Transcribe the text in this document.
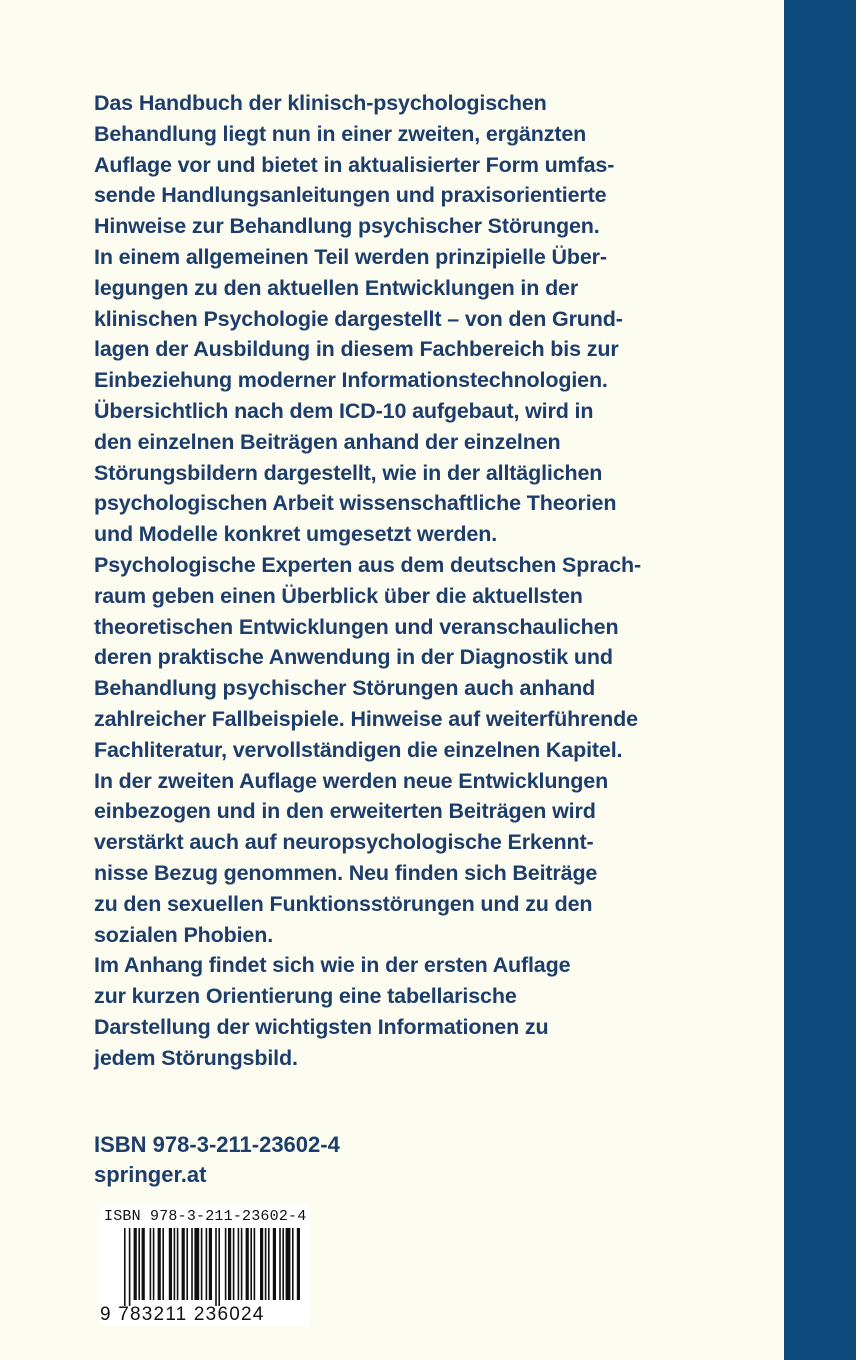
Das Handbuch der klinisch-psychologischen
Behandlung liegt nun in einer zweiten, ergänzten
Auflage vor und bietet in aktualisierter Form umfas-
sende Handlungsanleitungen und praxisorientierte
Hinweise zur Behandlung psychischer Störungen.
In einem allgemeinen Teil werden prinzipielle Über-
legungen zu den aktuellen Entwicklungen in der
klinischen Psychologie dargestellt – von den Grund-
lagen der Ausbildung in diesem Fachbereich bis zur
Einbeziehung moderner Informationstechnologien.
Übersichtlich nach dem ICD-10 aufgebaut, wird in
den einzelnen Beiträgen anhand der einzelnen
Störungsbildern dargestellt, wie in der alltäglichen
psychologischen Arbeit wissenschaftliche Theorien
und Modelle konkret umgesetzt werden.
Psychologische Experten aus dem deutschen Sprach-
raum geben einen Überblick über die aktuellsten
theoretischen Entwicklungen und veranschaulichen
deren praktische Anwendung in der Diagnostik und
Behandlung psychischer Störungen auch anhand
zahlreicher Fallbeispiele. Hinweise auf weiterführende
Fachliteratur, vervollständigen die einzelnen Kapitel.
In der zweiten Auflage werden neue Entwicklungen
einbezogen und in den erweiterten Beiträgen wird
verstärkt auch auf neuropsychologische Erkennt-
nisse Bezug genommen. Neu finden sich Beiträge
zu den sexuellen Funktionsstörungen und zu den
sozialen Phobien.
Im Anhang findet sich wie in der ersten Auflage
zur kurzen Orientierung eine tabellarische
Darstellung der wichtigsten Informationen zu
jedem Störungsbild.
ISBN 978-3-211-23602-4
springer.at
ISBN 978-3-211-23602-4
9 783211 236024
